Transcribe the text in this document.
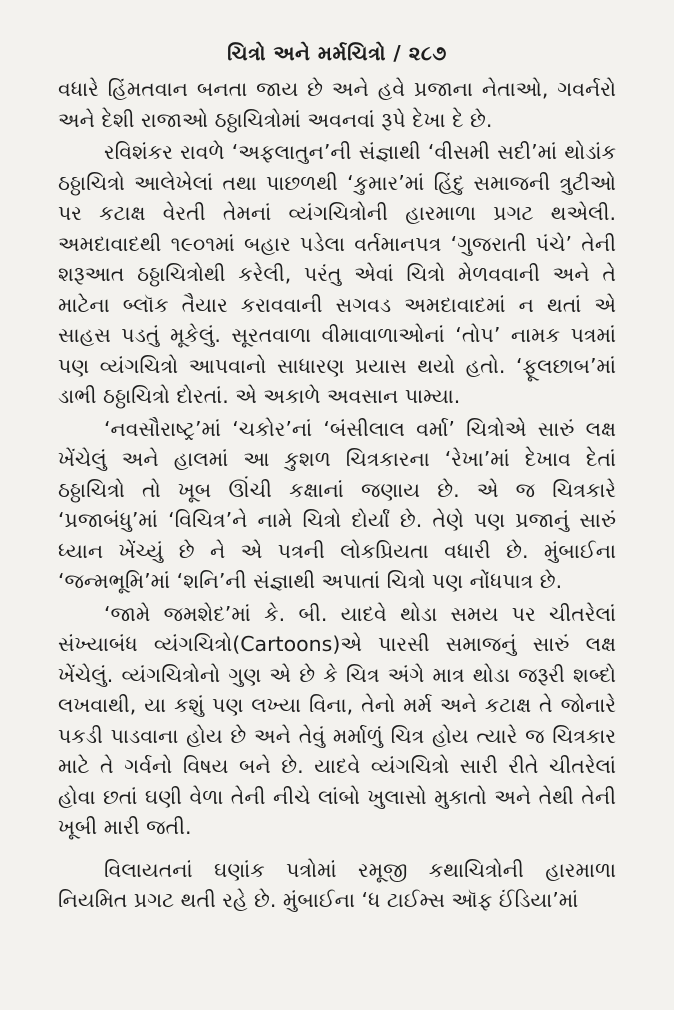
ચિત્રો અને મર્મચિત્રો / ૨૮૭

વધારે હિંમતવાન બનતા જાય છે અને હવે પ્રજાના નેતાઓ, ગવર્નરો અને દેશી રાજાઓ ઠઠ્ઠાચિત્રોમાં અવનવાં રૂપે દેખા દે છે.

રવિશંકર રાવળે ‘અફલાતુન’ની સંજ્ઞાથી ‘વીસમી સદી’માં થોડાંક ઠઠ્ઠાચિત્રો આલેખેલાં તથા પાછળથી ‘કુમાર’માં હિંદુ સમાજની ત્રુટીઓ પર કટાક્ષ વેરતી તેમનાં વ્યંગચિત્રોની હારમાળા પ્રગટ થએલી. અમદાવાદથી ૧૯૦૧માં બહાર પડેલા વર્તમાનપત્ર ‘ગુજરાતી પંચે’ તેની શરૂઆત ઠઠ્ઠાચિત્રોથી કરેલી, પરંતુ એવાં ચિત્રો મેળવવાની અને તે માટેના બ્લૉક તૈયાર કરાવવાની સગવડ અમદાવાદમાં ન થતાં એ સાહસ પડતું મૂકેલું. સૂરતવાળા વીમાવાળાઓનાં ‘તોપ’ નામક પત્રમાં પણ વ્યંગચિત્રો આપવાનો સાધારણ પ્રયાસ થયો હતો. ‘ફૂલછાબ’માં ડાભી ઠઠ્ઠાચિત્રો દોરતાં. એ અકાળે અવસાન પામ્યા.

‘નવસૌરાષ્ટ્ર’માં ‘ચકોર’નાં ‘બંસીલાલ વર્મા’ ચિત્રોએ સારું લક્ષ ખેંચેલું અને હાલમાં આ કુશળ ચિત્રકારના ‘રેખા’માં દેખાવ દેતાં ઠઠ્ઠાચિત્રો તો ખૂબ ઊંચી કક્ષાનાં જણાય છે. એ જ ચિત્રકારે ‘પ્રજાબંધુ’માં ‘વિચિત્ર’ને નામે ચિત્રો દોર્યાં છે. તેણે પણ પ્રજાનું સારું ધ્યાન ખેંચ્યું છે ને એ પત્રની લોકપ્રિયતા વધારી છે. મુંબાઈના ‘જન્મભૂમિ’માં ‘શનિ’ની સંજ્ઞાથી અપાતાં ચિત્રો પણ નોંધપાત્ર છે.

‘જામે જમશેદ’માં કે. બી. યાદવે થોડા સમય પર ચીતરેલાં સંખ્યાબંધ વ્યંગચિત્રો(Cartoons)એ પારસી સમાજનું સારું લક્ષ ખેંચેલું. વ્યંગચિત્રોનો ગુણ એ છે કે ચિત્ર અંગે માત્ર થોડા જરૂરી શબ્દો લખવાથી, યા કશું પણ લખ્યા વિના, તેનો મર્મ અને કટાક્ષ તે જોનારે પકડી પાડવાના હોય છે અને તેવું મર્માળું ચિત્ર હોય ત્યારે જ ચિત્રકાર માટે તે ગર્વનો વિષય બને છે. યાદવે વ્યંગચિત્રો સારી રીતે ચીતરેલાં હોવા છતાં ઘણી વેળા તેની નીચે લાંબો ખુલાસો મુકાતો અને તેથી તેની ખૂબી મારી જતી.

વિલાયતનાં ઘણાંક પત્રોમાં રમૂજી કથાચિત્રોની હારમાળા નિયમિત પ્રગટ થતી રહે છે. મુંબાઈના ‘ધ ટાઈમ્સ ઑફ ઈંડિયા’માં
